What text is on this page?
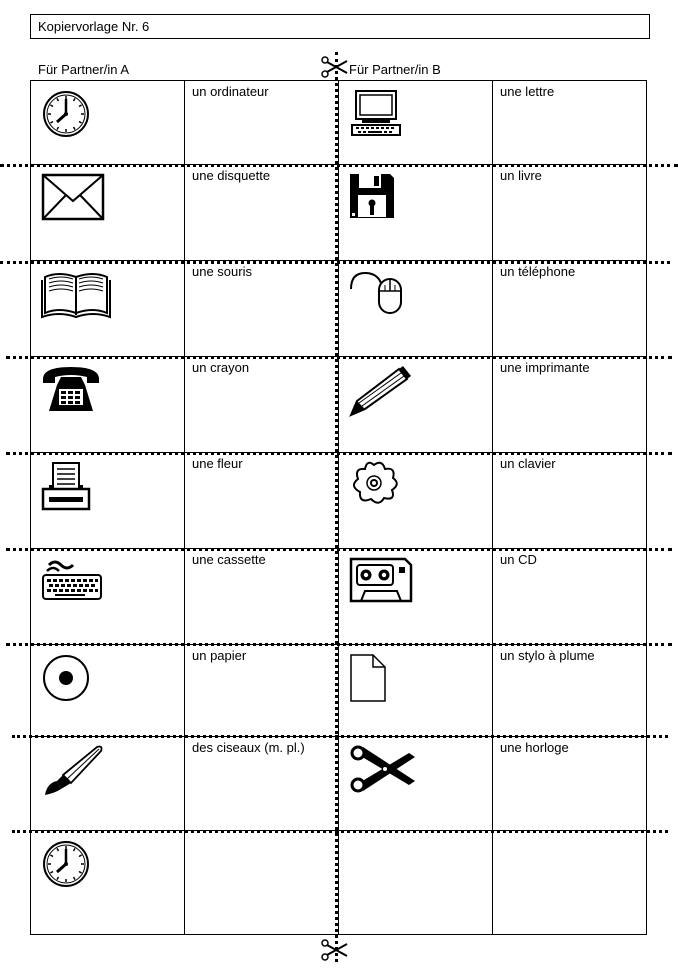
Kopiervorlage Nr. 6
Für Partner/in A	Für Partner/in B

un ordinateur		une lettre

une disquette		un livre

une souris		un téléphone

un crayon		une imprimante

une fleur		un clavier

une cassette		un CD

un papier		un stylo à plume

des ciseaux (m. pl.)		une horloge
